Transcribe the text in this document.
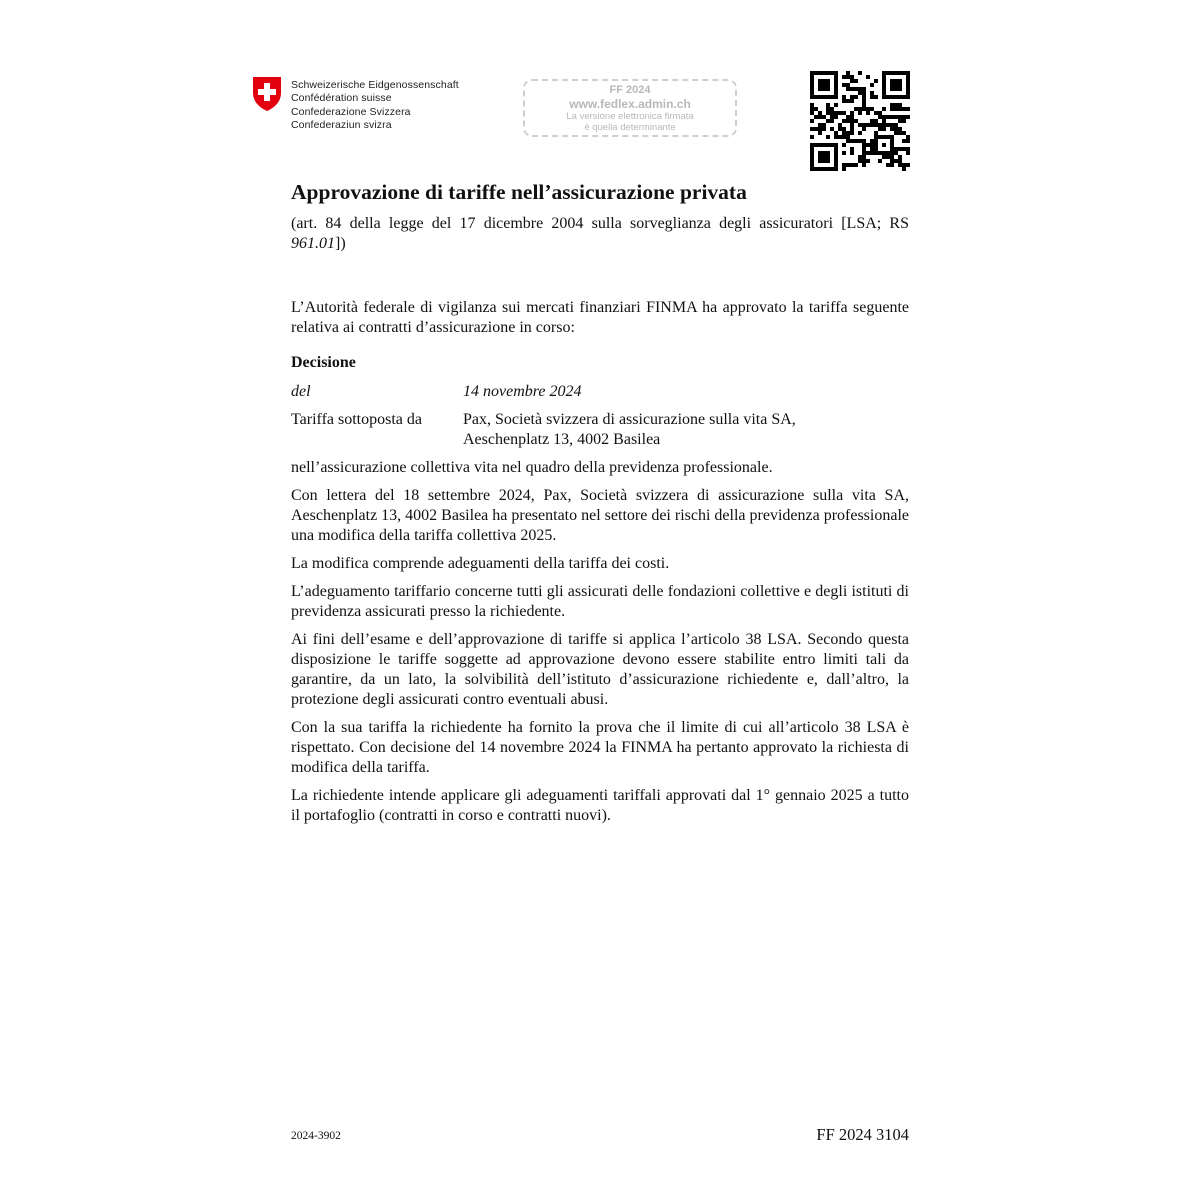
Schweizerische Eidgenossenschaft
Confédération suisse
Confederazione Svizzera
Confederaziun svizra
FF 2024
www.fedlex.admin.ch
La versione elettronica firmata
è quella determinante
Approvazione di tariffe nell’assicurazione privata
(art. 84 della legge del 17 dicembre 2004 sulla sorveglianza degli assicuratori [LSA; RS 961.01])

L’Autorità federale di vigilanza sui mercati finanziari FINMA ha approvato la tariffa seguente relativa ai contratti d’assicurazione in corso:

Decisione

del	14 novembre 2024
Tariffa sottoposta da	Pax, Società svizzera di assicurazione sulla vita SA,
Aeschenplatz 13, 4002 Basilea

nell’assicurazione collettiva vita nel quadro della previdenza professionale.

Con lettera del 18 settembre 2024, Pax, Società svizzera di assicurazione sulla vita SA, Aeschenplatz 13, 4002 Basilea ha presentato nel settore dei rischi della previdenza professionale una modifica della tariffa collettiva 2025.

La modifica comprende adeguamenti della tariffa dei costi.

L’adeguamento tariffario concerne tutti gli assicurati delle fondazioni collettive e degli istituti di previdenza assicurati presso la richiedente.

Ai fini dell’esame e dell’approvazione di tariffe si applica l’articolo 38 LSA. Secondo questa disposizione le tariffe soggette ad approvazione devono essere stabilite entro limiti tali da garantire, da un lato, la solvibilità dell’istituto d’assicurazione richiedente e, dall’altro, la protezione degli assicurati contro eventuali abusi.

Con la sua tariffa la richiedente ha fornito la prova che il limite di cui all’articolo 38 LSA è rispettato. Con decisione del 14 novembre 2024 la FINMA ha pertanto approvato la richiesta di modifica della tariffa.

La richiedente intende applicare gli adeguamenti tariffali approvati dal 1° gennaio 2025 a tutto il portafoglio (contratti in corso e contratti nuovi).

2024-3902	FF 2024 3104
